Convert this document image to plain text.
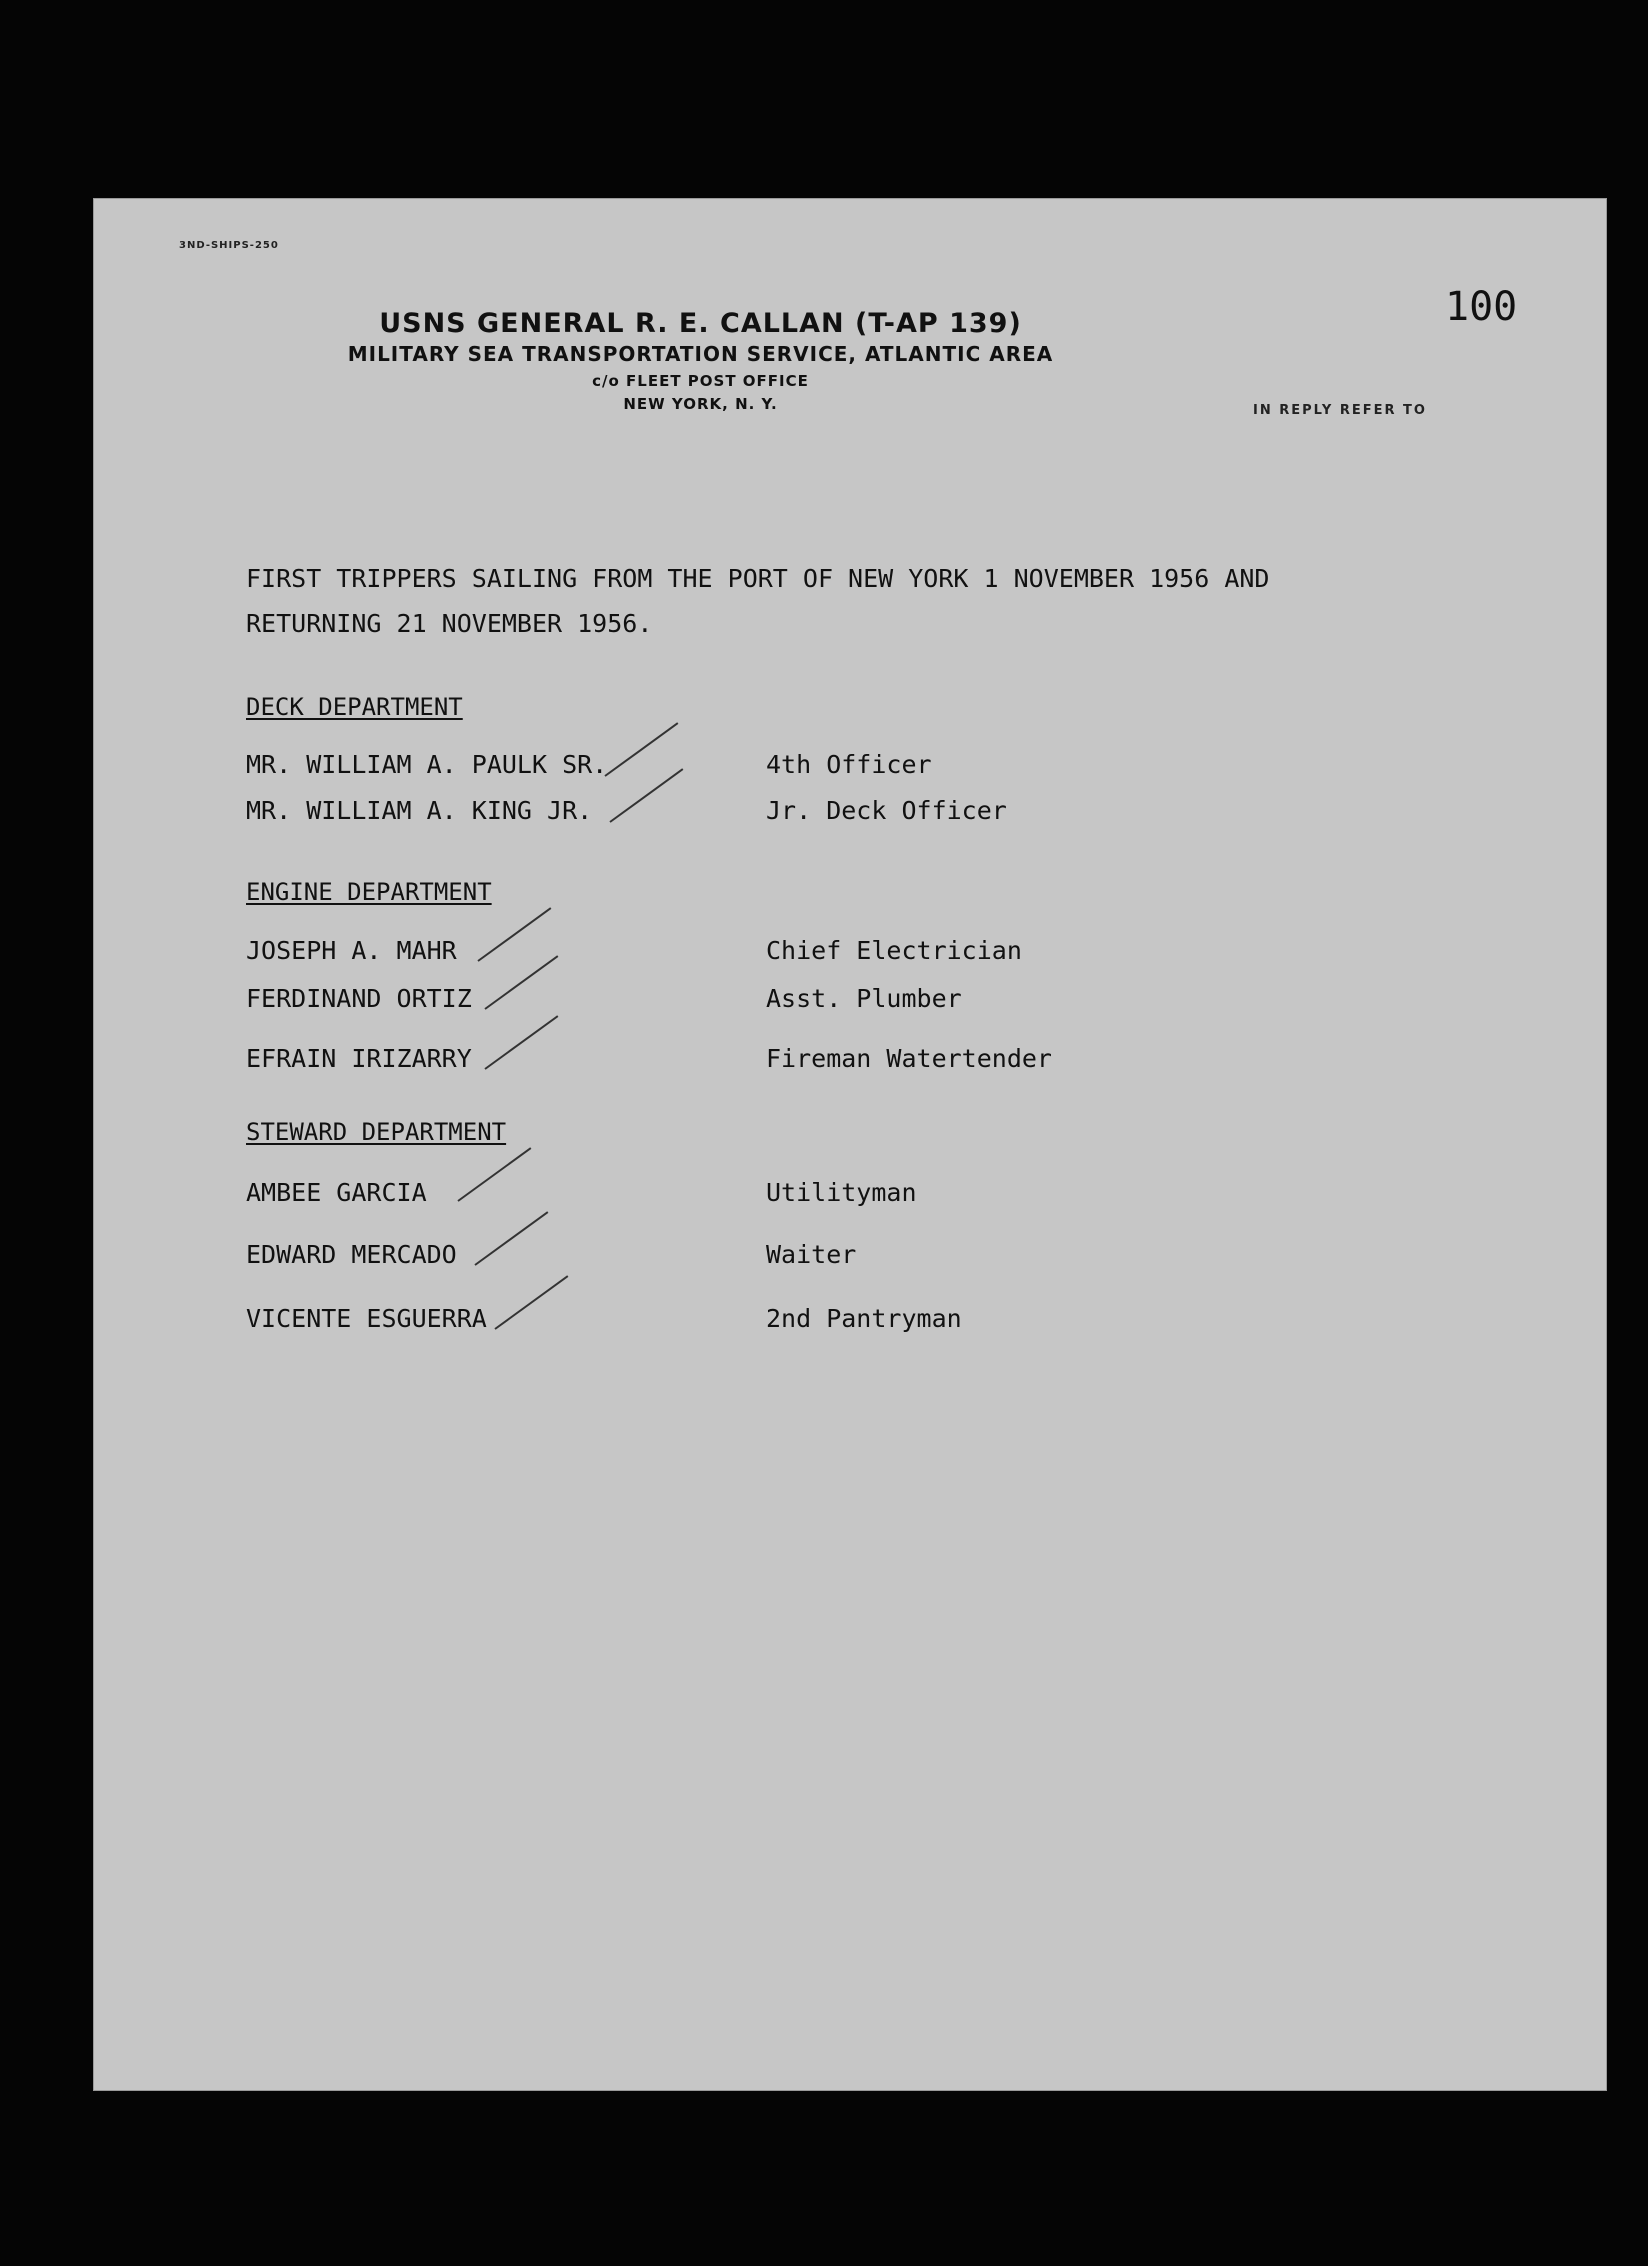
3ND-SHIPS-250
100
USNS GENERAL R. E. CALLAN (T-AP 139)
MILITARY SEA TRANSPORTATION SERVICE, ATLANTIC AREA
c/o FLEET POST OFFICE
NEW YORK, N. Y.	IN REPLY REFER TO
FIRST TRIPPERS SAILING FROM THE PORT OF NEW YORK 1 NOVEMBER 1956 AND
RETURNING 21 NOVEMBER 1956.
DECK DEPARTMENT
MR. WILLIAM A. PAULK SR.	4th Officer
MR. WILLIAM A. KING JR.	Jr. Deck Officer
ENGINE DEPARTMENT
JOSEPH A. MAHR	Chief Electrician
FERDINAND ORTIZ	Asst. Plumber
EFRAIN IRIZARRY	Fireman Watertender
STEWARD DEPARTMENT
AMBEE GARCIA	Utilityman
EDWARD MERCADO	Waiter
VICENTE ESGUERRA	2nd Pantryman
